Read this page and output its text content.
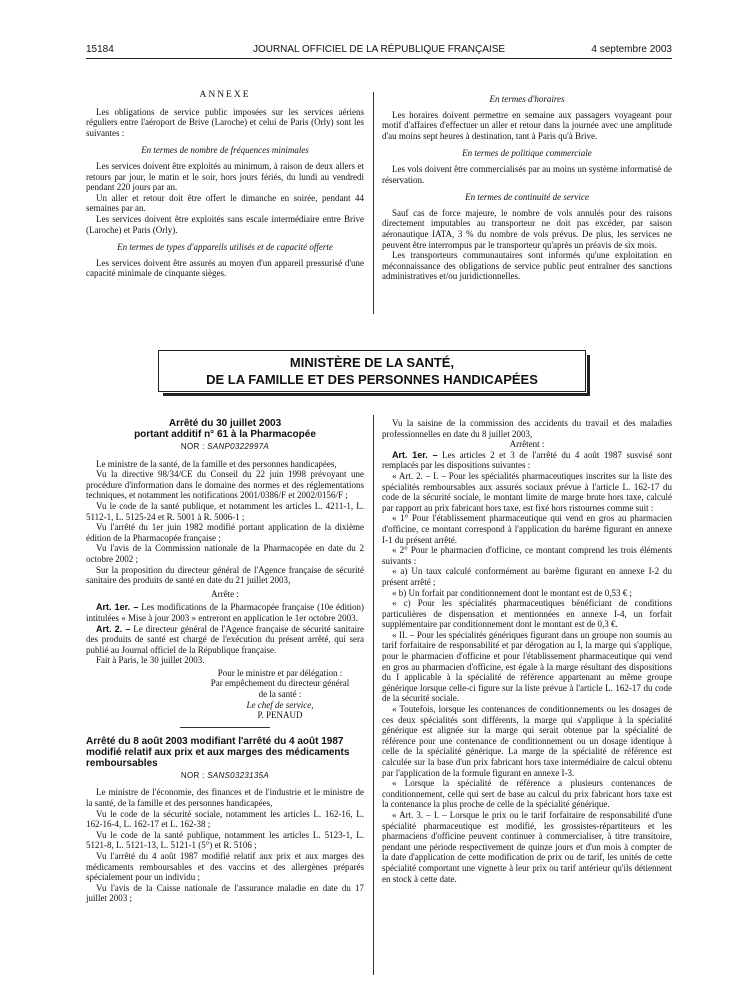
15184	JOURNAL OFFICIEL DE LA RÉPUBLIQUE FRANÇAISE	4 septembre 2003
ANNEXE

Les obligations de service public imposées sur les services aériens réguliers entre l'aéroport de Brive (Laroche) et celui de Paris (Orly) sont les suivantes :

En termes de nombre de fréquences minimales

Les services doivent être exploités au minimum, à raison de deux allers et retours par jour, le matin et le soir, hors jours fériés, du lundi au vendredi pendant 220 jours par an.

Un aller et retour doit être offert le dimanche en soirée, pendant 44 semaines par an.

Les services doivent être exploités sans escale intermédiaire entre Brive (Laroche) et Paris (Orly).

En termes de types d'appareils utilisés et de capacité offerte

Les services doivent être assurés au moyen d'un appareil pressurisé d'une capacité minimale de cinquante sièges.

En termes d'horaires

Les horaires doivent permettre en semaine aux passagers voyageant pour motif d'affaires d'effectuer un aller et retour dans la journée avec une amplitude d'au moins sept heures à destination, tant à Paris qu'à Brive.

En termes de politique commerciale

Les vols doivent être commercialisés par au moins un système informatisé de réservation.

En termes de continuité de service

Sauf cas de force majeure, le nombre de vols annulés pour des raisons directement imputables au transporteur ne doit pas excéder, par saison aéronautique IATA, 3 % du nombre de vols prévus. De plus, les services ne peuvent être interrompus par le transporteur qu'après un préavis de six mois.

Les transporteurs communautaires sont informés qu'une exploitation en méconnaissance des obligations de service public peut entraîner des sanctions administratives et/ou juridictionnelles.

MINISTÈRE DE LA SANTÉ,
DE LA FAMILLE ET DES PERSONNES HANDICAPÉES
Arrêté du 30 juillet 2003
portant additif n° 61 à la Pharmacopée
NOR : SANP0322997A

Le ministre de la santé, de la famille et des personnes handicapées,

Vu la directive 98/34/CE du Conseil du 22 juin 1998 prévoyant une procédure d'information dans le domaine des normes et des réglementations techniques, et notamment les notifications 2001/0386/F et 2002/0156/F ;

Vu le code de la santé publique, et notamment les articles L. 4211-1, L. 5112-1, L. 5125-24 et R. 5001 à R. 5006-1 ;

Vu l'arrêté du 1er juin 1982 modifié portant application de la dixième édition de la Pharmacopée française ;

Vu l'avis de la Commission nationale de la Pharmacopée en date du 2 octobre 2002 ;

Sur la proposition du directeur général de l'Agence française de sécurité sanitaire des produits de santé en date du 21 juillet 2003,

Arrête :

Art. 1er. – Les modifications de la Pharmacopée française (10e édition) intitulées « Mise à jour 2003 » entreront en application le 1er octobre 2003.

Art. 2. – Le directeur général de l'Agence française de sécurité sanitaire des produits de santé est chargé de l'exécution du présent arrêté, qui sera publié au Journal officiel de la République française.

Fait à Paris, le 30 juillet 2003.

Pour le ministre et par délégation :

Par empêchement du directeur général

de la santé :

Le chef de service,

P. PENAUD

Arrêté du 8 août 2003 modifiant l'arrêté du 4 août 1987 modifié relatif aux prix et aux marges des médicaments remboursables
NOR : SANS0323135A

Le ministre de l'économie, des finances et de l'industrie et le ministre de la santé, de la famille et des personnes handicapées,

Vu le code de la sécurité sociale, notamment les articles L. 162-16, L. 162-16-4, L. 162-17 et L. 162-38 ;

Vu le code de la santé publique, notamment les articles L. 5123-1, L. 5121-8, L. 5121-13, L. 5121-1 (5°) et R. 5106 ;

Vu l'arrêté du 4 août 1987 modifié relatif aux prix et aux marges des médicaments remboursables et des vaccins et des allergènes préparés spécialement pour un individu ;

Vu l'avis de la Caisse nationale de l'assurance maladie en date du 17 juillet 2003 ;

Vu la saisine de la commission des accidents du travail et des maladies professionnelles en date du 8 juillet 2003,

Arrêtent :

Art. 1er. – Les articles 2 et 3 de l'arrêté du 4 août 1987 susvisé sont remplacés par les dispositions suivantes :

« Art. 2. – I. – Pour les spécialités pharmaceutiques inscrites sur la liste des spécialités remboursables aux assurés sociaux prévue à l'article L. 162-17 du code de la sécurité sociale, le montant limite de marge brute hors taxe, calculé par rapport au prix fabricant hors taxe, est fixé hors ristournes comme suit :

« 1° Pour l'établissement pharmaceutique qui vend en gros au pharmacien d'officine, ce montant correspond à l'application du barème figurant en annexe I-1 du présent arrêté.

« 2° Pour le pharmacien d'officine, ce montant comprend les trois éléments suivants :

« a) Un taux calculé conformément au barème figurant en annexe I-2 du présent arrêté ;

« b) Un forfait par conditionnement dont le montant est de 0,53 € ;

« c) Pour les spécialités pharmaceutiques bénéficiant de conditions particulières de dispensation et mentionnées en annexe I-4, un forfait supplémentaire par conditionnement dont le montant est de 0,3 €.

« II. – Pour les spécialités génériques figurant dans un groupe non soumis au tarif forfaitaire de responsabilité et par dérogation au I, la marge qui s'applique, pour le pharmacien d'officine et pour l'établissement pharmaceutique qui vend en gros au pharmacien d'officine, est égale à la marge résultant des dispositions du I applicable à la spécialité de référence appartenant au même groupe générique lorsque celle-ci figure sur la liste prévue à l'article L. 162-17 du code de la sécurité sociale.

« Toutefois, lorsque les contenances de conditionnements ou les dosages de ces deux spécialités sont différents, la marge qui s'applique à la spécialité générique est alignée sur la marge qui serait obtenue par la spécialité de référence pour une contenance de conditionnement ou un dosage identique à celle de la spécialité générique. La marge de la spécialité de référence est calculée sur la base d'un prix fabricant hors taxe intermédiaire de calcul obtenu par l'application de la formule figurant en annexe I-3.

« Lorsque la spécialité de référence a plusieurs contenances de conditionnement, celle qui sert de base au calcul du prix fabricant hors taxe est la contenance la plus proche de celle de la spécialité générique.

« Art. 3. – I. – Lorsque le prix ou le tarif forfaitaire de responsabilité d'une spécialité pharmaceutique est modifié, les grossistes-répartiteurs et les pharmaciens d'officine peuvent continuer à commercialiser, à titre transitoire, pendant une période respectivement de quinze jours et d'un mois à compter de la date d'application de cette modification de prix ou de tarif, les unités de cette spécialité comportant une vignette à leur prix ou tarif antérieur qu'ils détiennent en stock à cette date.
